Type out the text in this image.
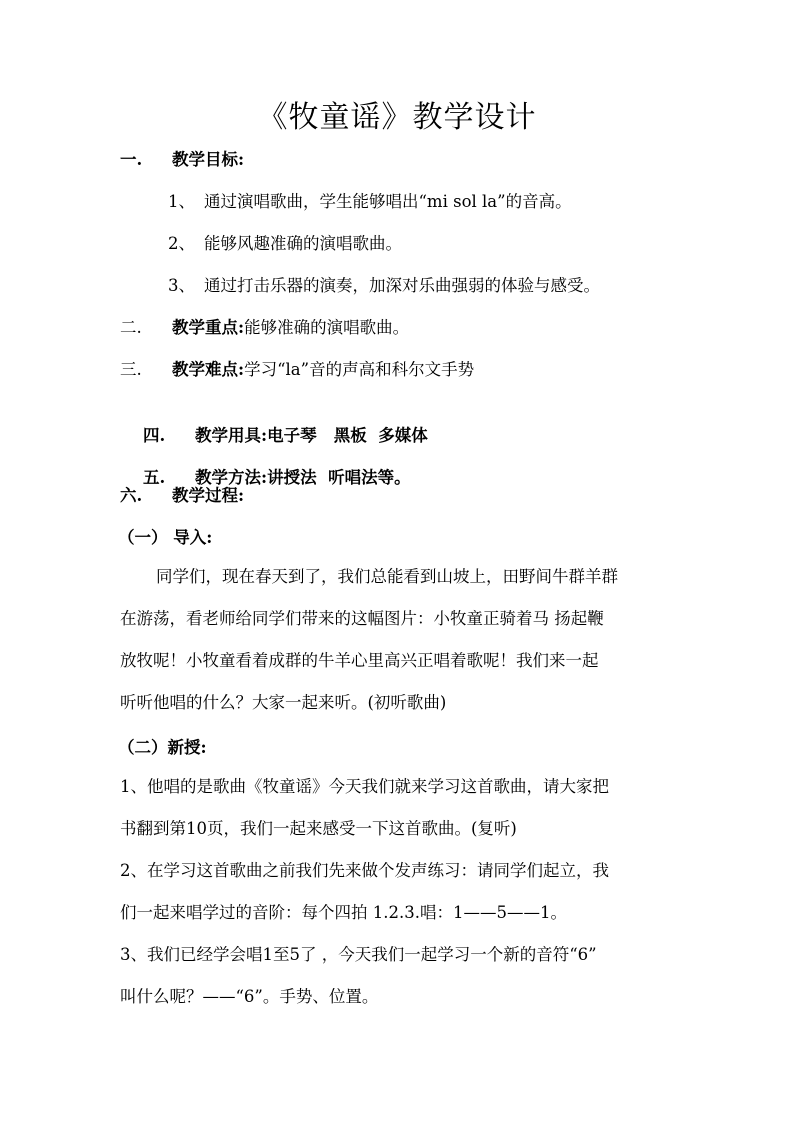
《牧童谣》教学设计
一. 教学目标:
1、 通过演唱歌曲，学生能够唱出“mi sol la”的音高。
2、 能够风趣准确的演唱歌曲。
3、 通过打击乐器的演奏，加深对乐曲强弱的体验与感受。
二. 教学重点:能够准确的演唱歌曲。
三. 教学难点:学习“la”音的声高和科尔文手势

四. 教学用具:电子琴   黑板  多媒体

五. 教学方法:讲授法  听唱法等。

六. 教学过程:
（一） 导入:

同学们，现在春天到了，我们总能看到山坡上，田野间牛群羊群

在游荡，看老师给同学们带来的这幅图片：小牧童正骑着马 扬起鞭

放牧呢！小牧童看着成群的牛羊心里高兴正唱着歌呢！我们来一起

听听他唱的什么？大家一起来听。(初听歌曲)

（二）新授:

1、他唱的是歌曲《牧童谣》今天我们就来学习这首歌曲，请大家把

书翻到第10页，我们一起来感受一下这首歌曲。(复听)

2、在学习这首歌曲之前我们先来做个发声练习：请同学们起立，我

们一起来唱学过的音阶：每个四拍 1.2.3.唱：1——5——1。

3、我们已经学会唱1至5了 ，今天我们一起学习一个新的音符“6”

叫什么呢？——“6”。手势、位置。
